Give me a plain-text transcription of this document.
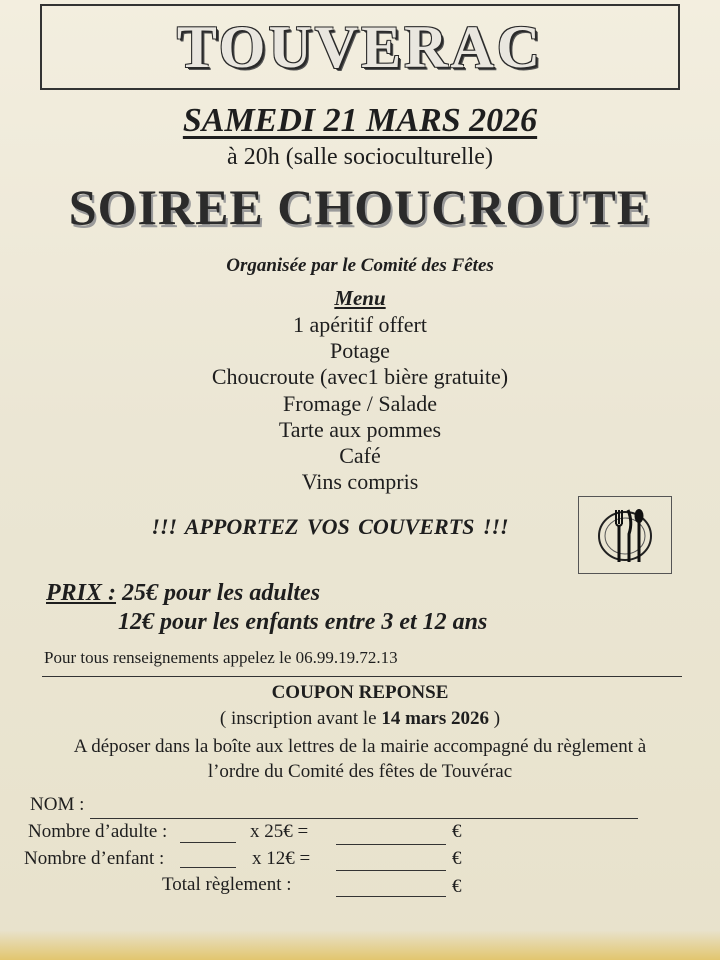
TOUVERAC
SAMEDI 21 MARS 2026
à 20h (salle socioculturelle)
SOIREE CHOUCROUTE
Organisée par le Comité des Fêtes
Menu
1 apéritif offert
Potage
Choucroute (avec1 bière gratuite)
Fromage / Salade
Tarte aux pommes
Café
Vins compris
!!! APPORTEZ VOS COUVERTS !!!
PRIX : 25€ pour les adultes
12€ pour les enfants entre 3 et 12 ans
Pour tous renseignements appelez le 06.99.19.72.13
COUPON REPONSE
( inscription avant le 14 mars 2026 )
A déposer dans la boîte aux lettres de la mairie accompagné du règlement à
l’ordre du Comité des fêtes de Touvérac
NOM :
Nombre d’adulte :	x 25€ =	€
Nombre d’enfant :	x 12€ =	€
Total règlement :	€
